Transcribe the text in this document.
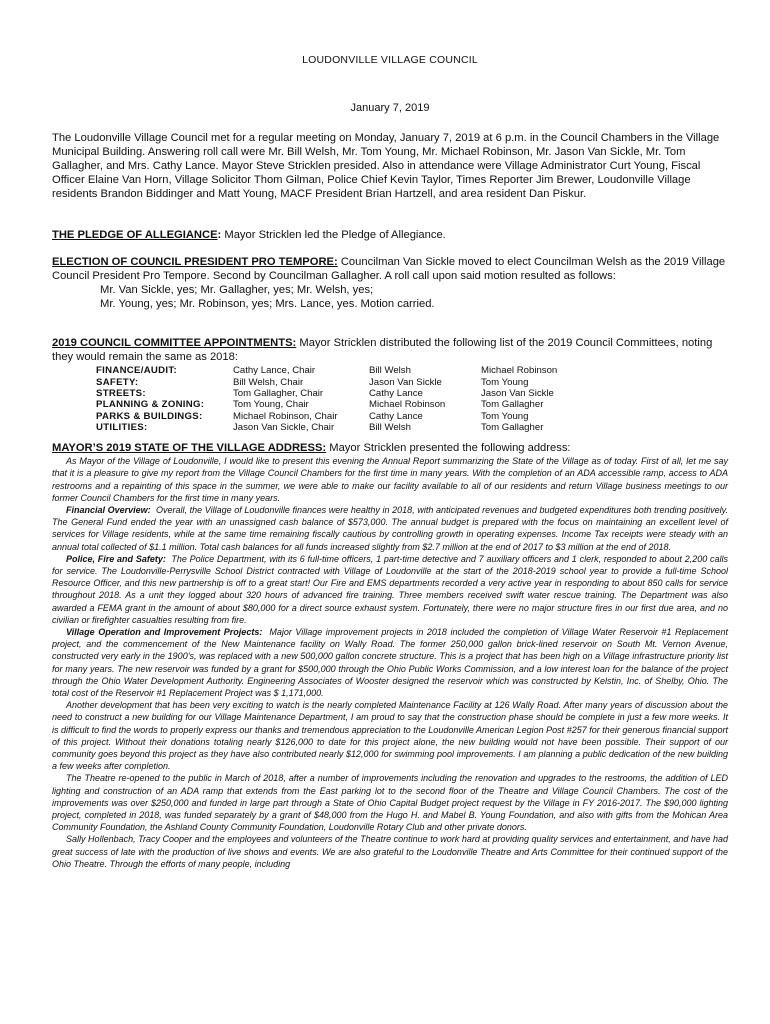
LOUDONVILLE VILLAGE COUNCIL
January 7, 2019

The Loudonville Village Council met for a regular meeting on Monday, January 7, 2019 at 6 p.m. in the Council Chambers in the Village Municipal Building. Answering roll call were Mr. Bill Welsh, Mr. Tom Young, Mr. Michael Robinson, Mr. Jason Van Sickle, Mr. Tom Gallagher, and Mrs. Cathy Lance. Mayor Steve Stricklen presided. Also in attendance were Village Administrator Curt Young, Fiscal Officer Elaine Van Horn, Village Solicitor Thom Gilman, Police Chief Kevin Taylor, Times Reporter Jim Brewer, Loudonville Village residents Brandon Biddinger and Matt Young, MACF President Brian Hartzell, and area resident Dan Piskur.

THE PLEDGE OF ALLEGIANCE: Mayor Stricklen led the Pledge of Allegiance.

ELECTION OF COUNCIL PRESIDENT PRO TEMPORE: Councilman Van Sickle moved to elect Councilman Welsh as the 2019 Village Council President Pro Tempore. Second by Councilman Gallagher. A roll call upon said motion resulted as follows:

Mr. Van Sickle, yes; Mr. Gallagher, yes; Mr. Welsh, yes;

Mr. Young, yes; Mr. Robinson, yes; Mrs. Lance, yes. Motion carried.

2019 COUNCIL COMMITTEE APPOINTMENTS: Mayor Stricklen distributed the following list of the 2019 Council Committees, noting they would remain the same as 2018:

FINANCE/AUDIT:	Cathy Lance, Chair	Bill Welsh	Michael Robinson
SAFETY:	Bill Welsh, Chair	Jason Van Sickle	Tom Young
STREETS:	Tom Gallagher, Chair	Cathy Lance	Jason Van Sickle
PLANNING & ZONING:	Tom Young, Chair	Michael Robinson	Tom Gallagher
PARKS & BUILDINGS:	Michael Robinson, Chair	Cathy Lance	Tom Young
UTILITIES:	Jason Van Sickle, Chair	Bill Welsh	Tom Gallagher

MAYOR’S 2019 STATE OF THE VILLAGE ADDRESS: Mayor Stricklen presented the following address:

As Mayor of the Village of Loudonville, I would like to present this evening the Annual Report summarizing the State of the Village as of today. First of all, let me say that it is a pleasure to give my report from the Village Council Chambers for the first time in many years. With the completion of an ADA accessible ramp, access to ADA restrooms and a repainting of this space in the summer, we were able to make our facility available to all of our residents and return Village business meetings to our former Council Chambers for the first time in many years.

Financial Overview: Overall, the Village of Loudonville finances were healthy in 2018, with anticipated revenues and budgeted expenditures both trending positively. The General Fund ended the year with an unassigned cash balance of $573,000. The annual budget is prepared with the focus on maintaining an excellent level of services for Village residents, while at the same time remaining fiscally cautious by controlling growth in operating expenses. Income Tax receipts were steady with an annual total collected of $1.1 million. Total cash balances for all funds increased slightly from $2.7 million at the end of 2017 to $3 million at the end of 2018.

Police, Fire and Safety: The Police Department, with its 6 full-time officers, 1 part-time detective and 7 auxiliary officers and 1 clerk, responded to about 2,200 calls for service. The Loudonville-Perrysville School District contracted with Village of Loudonville at the start of the 2018-2019 school year to provide a full-time School Resource Officer, and this new partnership is off to a great start! Our Fire and EMS departments recorded a very active year in responding to about 850 calls for service throughout 2018. As a unit they logged about 320 hours of advanced fire training. Three members received swift water rescue training. The Department was also awarded a FEMA grant in the amount of about $80,000 for a direct source exhaust system. Fortunately, there were no major structure fires in our first due area, and no civilian or firefighter casualties resulting from fire.

Village Operation and Improvement Projects: Major Village improvement projects in 2018 included the completion of Village Water Reservoir #1 Replacement project, and the commencement of the New Maintenance facility on Wally Road. The former 250,000 gallon brick-lined reservoir on South Mt. Vernon Avenue, constructed very early in the 1900’s, was replaced with a new 500,000 gallon concrete structure. This is a project that has been high on a Village infrastructure priority list for many years. The new reservoir was funded by a grant for $500,000 through the Ohio Public Works Commission, and a low interest loan for the balance of the project through the Ohio Water Development Authority. Engineering Associates of Wooster designed the reservoir which was constructed by Kelstin, Inc. of Shelby, Ohio. The total cost of the Reservoir #1 Replacement Project was $ 1,171,000.

Another development that has been very exciting to watch is the nearly completed Maintenance Facility at 126 Wally Road. After many years of discussion about the need to construct a new building for our Village Maintenance Department, I am proud to say that the construction phase should be complete in just a few more weeks. It is difficult to find the words to properly express our thanks and tremendous appreciation to the Loudonville American Legion Post #257 for their generous financial support of this project. Without their donations totaling nearly $126,000 to date for this project alone, the new building would not have been possible. Their support of our community goes beyond this project as they have also contributed nearly $12,000 for swimming pool improvements. I am planning a public dedication of the new building a few weeks after completion.

The Theatre re-opened to the public in March of 2018, after a number of improvements including the renovation and upgrades to the restrooms, the addition of LED lighting and construction of an ADA ramp that extends from the East parking lot to the second floor of the Theatre and Village Council Chambers. The cost of the improvements was over $250,000 and funded in large part through a State of Ohio Capital Budget project request by the Village in FY 2016-2017. The $90,000 lighting project, completed in 2018, was funded separately by a grant of $48,000 from the Hugo H. and Mabel B. Young Foundation, and also with gifts from the Mohican Area Community Foundation, the Ashland County Community Foundation, Loudonville Rotary Club and other private donors.

Sally Hollenbach, Tracy Cooper and the employees and volunteers of the Theatre continue to work hard at providing quality services and entertainment, and have had great success of late with the production of live shows and events. We are also grateful to the Loudonville Theatre and Arts Committee for their continued support of the Ohio Theatre. Through the efforts of many people, including
